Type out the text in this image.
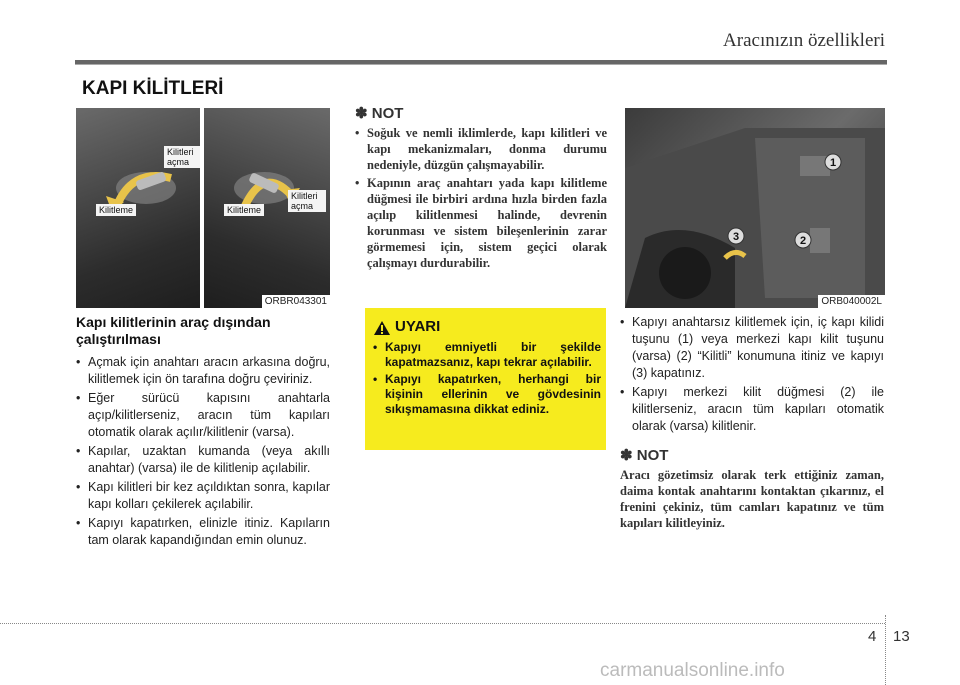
Aracınızın özellikleri
KAPI KİLİTLERİ
Kilitleri açma
Kilitleme	Kilitleme
Kilitleri açma
ORBR043301
Kapı kilitlerinin araç dışından çalıştırılması
• Açmak için anahtarı aracın arkasına doğru, kilitlemek için ön tarafına doğru çeviriniz.
• Eğer sürücü kapısını anahtarla açıp/kilitlerseniz, aracın tüm kapıları otomatik olarak açılır/kilitlenir (varsa).
• Kapılar, uzaktan kumanda (veya akıllı anahtar) (varsa) ile de kilitlenip açılabilir.
• Kapı kilitleri bir kez açıldıktan sonra, kapılar kapı kolları çekilerek açılabilir.
• Kapıyı kapatırken, elinizle itiniz. Kapıların tam olarak kapandığından emin olunuz.
✽ NOT
• Soğuk ve nemli iklimlerde, kapı kilitleri ve kapı mekanizmaları, donma durumu nedeniyle, düzgün çalışmayabilir.
• Kapının araç anahtarı yada kapı kilitleme düğmesi ile birbiri ardına hızla birden fazla açılıp kilitlenmesi halinde, devrenin korunması ve sistem bileşenlerinin zarar görmemesi için, sistem geçici olarak çalışmayı durdurabilir.
UYARI
• Kapıyı emniyetli bir şekilde kapatmazsanız, kapı tekrar açılabilir.
• Kapıyı kapatırken, herhangi bir kişinin ellerinin ve gövdesinin sıkışmamasına dikkat ediniz.
1
2
3
ORB040002L
• Kapıyı anahtarsız kilitlemek için, iç kapı kilidi tuşunu (1) veya merkezi kapı kilit tuşunu (varsa) (2) “Kilitli” konumuna itiniz ve kapıyı (3) kapatınız.
• Kapıyı merkezi kilit düğmesi (2) ile kilitlerseniz, aracın tüm kapıları otomatik olarak (varsa) kilitlenir.
✽ NOT
Aracı gözetimsiz olarak terk ettiğiniz zaman, daima kontak anahtarını kontaktan çıkarınız, el frenini çekiniz, tüm camları kapatınız ve tüm kapıları kilitleyiniz.
4 13
carmanualsonline.info
